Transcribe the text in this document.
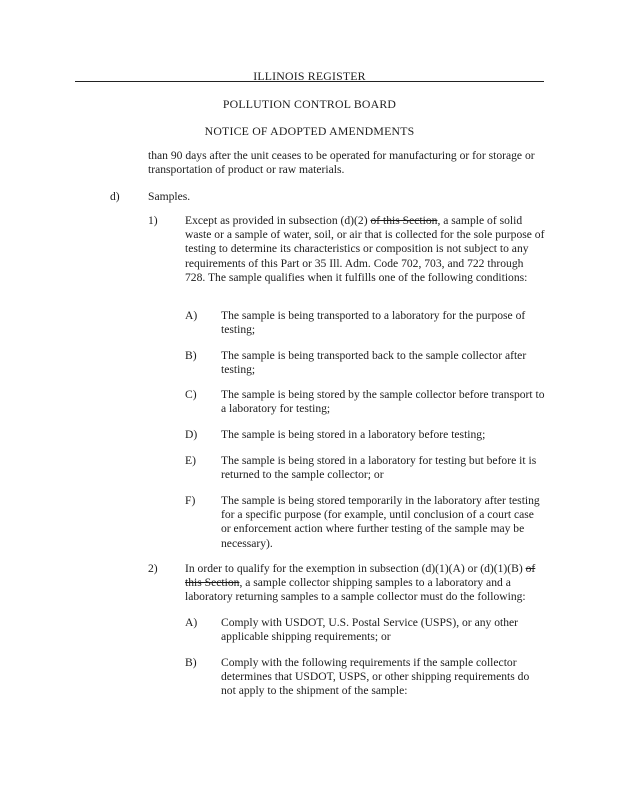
ILLINOIS REGISTER
POLLUTION CONTROL BOARD
NOTICE OF ADOPTED AMENDMENTS
than 90 days after the unit ceases to be operated for manufacturing or for storage or transportation of product or raw materials.
d) Samples.
1) Except as provided in subsection (d)(2) of this Section, a sample of solid waste or a sample of water, soil, or air that is collected for the sole purpose of testing to determine its characteristics or composition is not subject to any requirements of this Part or 35 Ill. Adm. Code 702, 703, and 722 through 728. The sample qualifies when it fulfills one of the following conditions:
A) The sample is being transported to a laboratory for the purpose of testing;
B) The sample is being transported back to the sample collector after testing;
C) The sample is being stored by the sample collector before transport to a laboratory for testing;
D) The sample is being stored in a laboratory before testing;
E) The sample is being stored in a laboratory for testing but before it is returned to the sample collector; or
F) The sample is being stored temporarily in the laboratory after testing for a specific purpose (for example, until conclusion of a court case or enforcement action where further testing of the sample may be necessary).
2) In order to qualify for the exemption in subsection (d)(1)(A) or (d)(1)(B) of this Section, a sample collector shipping samples to a laboratory and a laboratory returning samples to a sample collector must do the following:
A) Comply with USDOT, U.S. Postal Service (USPS), or any other applicable shipping requirements; or
B) Comply with the following requirements if the sample collector determines that USDOT, USPS, or other shipping requirements do not apply to the shipment of the sample:
